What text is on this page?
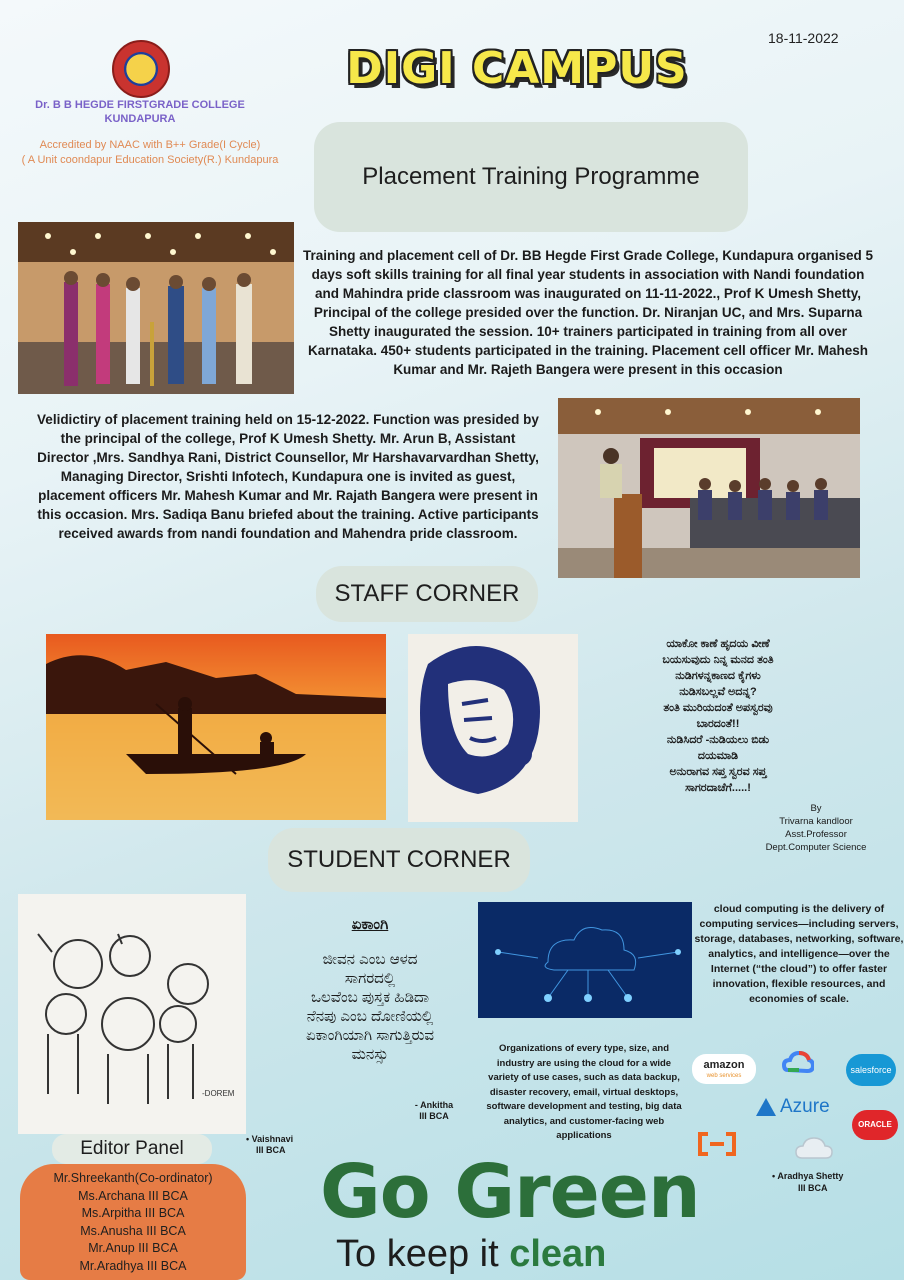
18-11-2022
Dr. B B HEGDE FIRSTGRADE COLLEGE
KUNDAPURA
Accredited by NAAC with B++ Grade(I Cycle)
( A Unit coondapur Education Society(R.) Kundapura
DIGI CAMPUS
Placement Training Programme
Training and placement cell of Dr. BB Hegde First Grade College, Kundapura organised 5 days soft skills training for all final year students in association with Nandi foundation and Mahindra pride classroom was inaugurated on 11-11-2022., Prof K Umesh Shetty, Principal of the college presided over the function. Dr. Niranjan UC, and Mrs. Suparna Shetty inaugurated the session. 10+ trainers participated in training from all over Karnataka. 450+ students participated in the training. Placement cell officer Mr. Mahesh Kumar and Mr. Rajeth Bangera were present in this occasion
Velidictiry of placement training held on 15-12-2022. Function was presided by the principal of the college, Prof K Umesh Shetty. Mr. Arun B, Assistant Director ,Mrs. Sandhya Rani, District Counsellor, Mr Harshavarvardhan Shetty, Managing Director, Srishti Infotech, Kundapura one is invited as guest, placement officers Mr. Mahesh Kumar and Mr. Rajath Bangera were present in this occasion. Mrs. Sadiqa Banu briefed about the training. Active participants received awards from nandi foundation and Mahendra pride classroom.
STAFF CORNER
ಯಾಕೋ ಕಾಣೆ ಹೃದಯ ವೀಣೆ
ಬಯಸುವುದು ನಿನ್ನ ಮನದ ತಂತಿ
ನುಡಿಗಳನ್ನಕಾಣದ ಕೈಗಳು
ನುಡಿಸಬಲ್ಲವೆ ಅದನ್ನ?
ತಂತಿ ಮುರಿಯದಂತೆ ಅಪಸ್ವರವು
ಬಾರದಂತೆ!!
ನುಡಿಸಿದರೆ -ನುಡಿಯಲು ಬಿಡು
ದಯಮಾಡಿ
ಅನುರಾಗವ ಸಪ್ತ ಸ್ವರವ ಸಪ್ತ
ಸಾಗರದಾಚೆಗೆ.....!
By
Trivarna kandloor
Asst.Professor
Dept.Computer Science
STUDENT CORNER
-DOREM
• Vaishnavi
III BCA
ಏಕಾಂಗಿ
ಜೀವನ ಎಂಬ ಆಳದ
ಸಾಗರದಲ್ಲಿ
ಒಲವೆಂಬ ಪುಸ್ತಕ ಹಿಡಿದಾ
ನೆನಪು ಎಂಬ ದೋಣಿಯಲ್ಲಿ
ಏಕಾಂಗಿಯಾಗಿ ಸಾಗುತ್ತಿರುವ
ಮನಸ್ಸು
- Ankitha
III BCA
cloud computing is the delivery of computing services—including servers, storage, databases, networking, software, analytics, and intelligence—over the Internet (“the cloud”) to offer faster innovation, flexible resources, and economies of scale.
Organizations of every type, size, and industry are using the cloud for a wide variety of use cases, such as data backup, disaster recovery, email, virtual desktops, software development and testing, big data analytics, and customer-facing web applications
amazon
web services
salesforce
Azure
ORACLE
• Aradhya Shetty
III BCA
Editor Panel
Mr.Shreekanth(Co-ordinator)
Ms.Archana III BCA
Ms.Arpitha III BCA
Ms.Anusha III BCA
Mr.Anup III BCA
Mr.Aradhya III BCA
Go Green
To keep it clean
